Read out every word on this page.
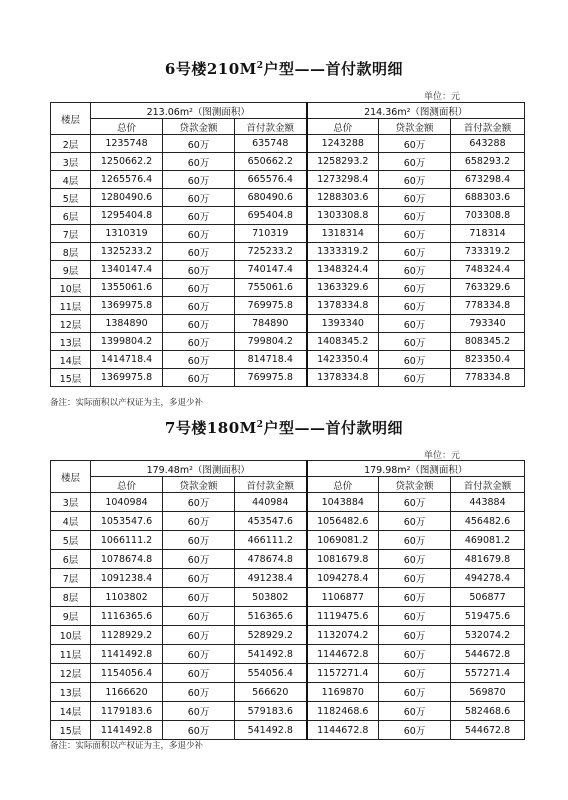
6号楼$210M^2$户型——首付款明细
单位：元
楼层	213.06m²（图测面积）			214.36m²（图测面积）		
	总价	贷款金额	首付款金额	总价	贷款金额	首付款金额
2层	1235748	60万	635748	1243288	60万	643288
3层	1250662.2	60万	650662.2	1258293.2	60万	658293.2
4层	1265576.4	60万	665576.4	1273298.4	60万	673298.4
5层	1280490.6	60万	680490.6	1288303.6	60万	688303.6
6层	1295404.8	60万	695404.8	1303308.8	60万	703308.8
7层	1310319	60万	710319	1318314	60万	718314
8层	1325233.2	60万	725233.2	1333319.2	60万	733319.2
9层	1340147.4	60万	740147.4	1348324.4	60万	748324.4
10层	1355061.6	60万	755061.6	1363329.6	60万	763329.6
11层	1369975.8	60万	769975.8	1378334.8	60万	778334.8
12层	1384890	60万	784890	1393340	60万	793340
13层	1399804.2	60万	799804.2	1408345.2	60万	808345.2
14层	1414718.4	60万	814718.4	1423350.4	60万	823350.4
15层	1369975.8	60万	769975.8	1378334.8	60万	778334.8
备注：实际面积以产权证为主，多退少补
7号楼$180M^2$户型——首付款明细
单位：元
楼层	179.48m²（图测面积）			179.98m²（图测面积）		
	总价	贷款金额	首付款金额	总价	贷款金额	首付款金额
3层	1040984	60万	440984	1043884	60万	443884
4层	1053547.6	60万	453547.6	1056482.6	60万	456482.6
5层	1066111.2	60万	466111.2	1069081.2	60万	469081.2
6层	1078674.8	60万	478674.8	1081679.8	60万	481679.8
7层	1091238.4	60万	491238.4	1094278.4	60万	494278.4
8层	1103802	60万	503802	1106877	60万	506877
9层	1116365.6	60万	516365.6	1119475.6	60万	519475.6
10层	1128929.2	60万	528929.2	1132074.2	60万	532074.2
11层	1141492.8	60万	541492.8	1144672.8	60万	544672.8
12层	1154056.4	60万	554056.4	1157271.4	60万	557271.4
13层	1166620	60万	566620	1169870	60万	569870
14层	1179183.6	60万	579183.6	1182468.6	60万	582468.6
15层	1141492.8	60万	541492.8	1144672.8	60万	544672.8
备注：实际面积以产权证为主，多退少补
